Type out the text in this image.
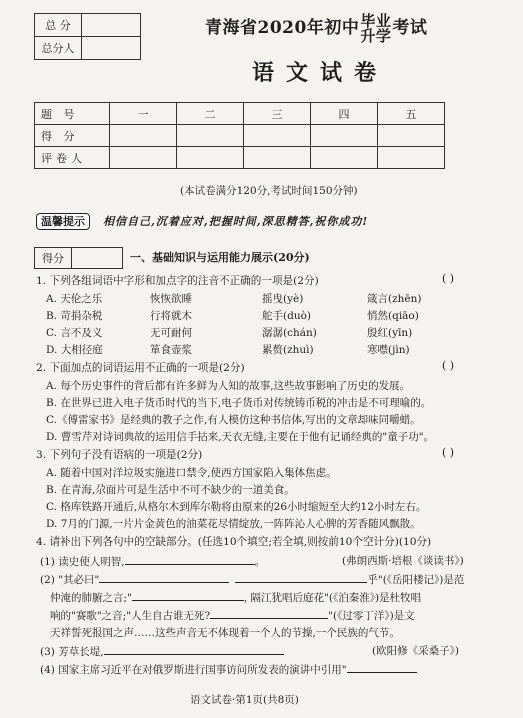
总 分	
总分人	
青海省2020年初中 毕业
升学 考试
语文试卷
题 号	一	二	三	四	五
得 分					
评卷人					
(本试卷满分120分,考试时间150分钟)
温馨提示 相信自己,沉着应对,把握时间,深思精答,祝你成功!
得分		一、基础知识与运用能力展示(20分)
1. 下列各组词语中字形和加点字的注音不正确的一项是(2分)	( )
A. 天伦之乐	恢恢欲睡	摇曳(yè)	箴言(zhēn)
B. 苛捐杂税	行将就木	舵手(duò)	悄然(qiāo)
C. 言不及义	无可耐何	潺潺(chán)	殷红(yīn)
D. 大相径庭	箪食壶浆	累赘(zhuì)	寒噤(jìn)
2. 下面加点的词语运用不正确的一项是(2分)	( )
A. 每个历史事件的背后都有许多鲜为人知的故事,这些故事影响了历史的发展。
B. 在世界已进入电子货币时代的当下,电子货币对传统铸币税的冲击是不可理喻的。
C.《傅雷家书》是经典的教子之作,有人模仿这种书信体,写出的文章却味同嚼蜡。
D. 曹雪芹对诗词典故的运用信手拈来,天衣无缝,主要在于他有记诵经典的"童子功"。
3. 下列句子没有语病的一项是(2分)	( )
A. 随着中国对洋垃圾实施进口禁令,使西方国家陷入集体焦虑。
B. 在青海,尕面片可是生活中不可不缺少的一道美食。
C. 格库铁路开通后,从格尔木到库尔勒将由原来的26小时缩短至大约12小时左右。
D. 7月的门源,一片片金黄色的油菜花尽情绽放,一阵阵沁人心脾的芳香随风飘散。
4. 请补出下列各句中的空缺部分。(任选10个填空;若全填,则按前10个空计分)(10分)
(1) 读史使人明智,	。	(弗朗西斯·培根《谈读书》)
(2) "其必曰"	乎"(《岳阳楼记》)是范
仲淹的肺腑之言;"	, 隔江犹唱后庭花"(《泊秦淮》)是杜牧唱
响的"赛歌"之音;"人生自古谁无死?	"(《过零丁洋》)是文
天祥誓死报国之声……这些声音无不体现着一个人的节操,一个民族的气节。
(3) 芳草长堤,	(欧阳修《采桑子》)
(4) 国家主席习近平在对俄罗斯进行国事访问所发表的演讲中引用"
语文试卷·第1页(共8页)
